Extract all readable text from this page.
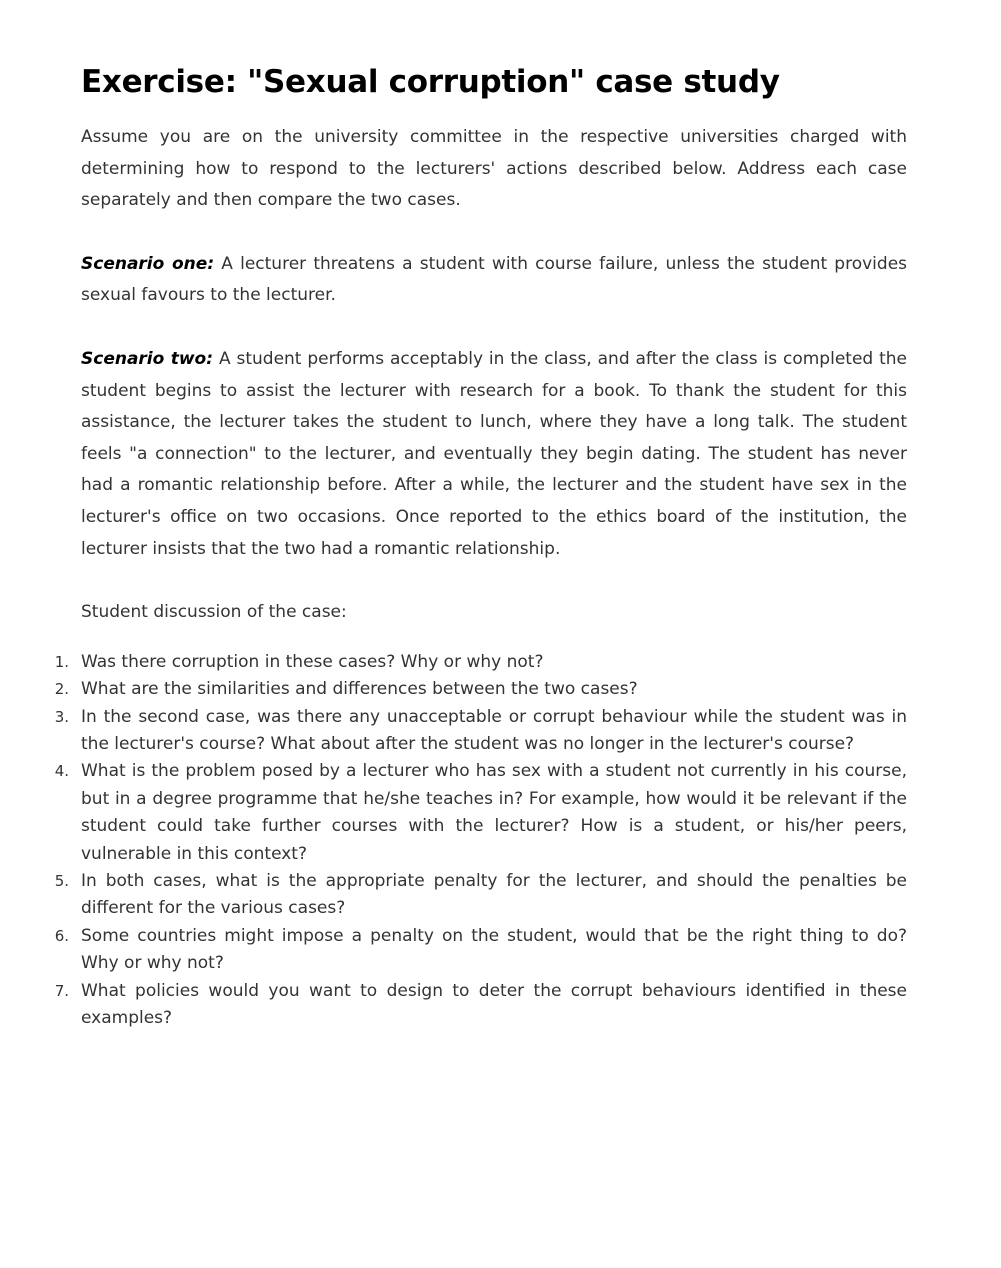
Exercise: "Sexual corruption" case study

Assume you are on the university committee in the respective universities charged with determining how to respond to the lecturers' actions described below. Address each case separately and then compare the two cases.

Scenario one: A lecturer threatens a student with course failure, unless the student provides sexual favours to the lecturer.

Scenario two: A student performs acceptably in the class, and after the class is completed the student begins to assist the lecturer with research for a book. To thank the student for this assistance, the lecturer takes the student to lunch, where they have a long talk. The student feels "a connection" to the lecturer, and eventually they begin dating. The student has never had a romantic relationship before. After a while, the lecturer and the student have sex in the lecturer's office on two occasions. Once reported to the ethics board of the institution, the lecturer insists that the two had a romantic relationship.

Student discussion of the case:

1. Was there corruption in these cases? Why or why not?
2. What are the similarities and differences between the two cases?
3. In the second case, was there any unacceptable or corrupt behaviour while the student was in the lecturer's course? What about after the student was no longer in the lecturer's course?
4. What is the problem posed by a lecturer who has sex with a student not currently in his course, but in a degree programme that he/she teaches in? For example, how would it be relevant if the student could take further courses with the lecturer? How is a student, or his/her peers, vulnerable in this context?
5. In both cases, what is the appropriate penalty for the lecturer, and should the penalties be different for the various cases?
6. Some countries might impose a penalty on the student, would that be the right thing to do? Why or why not?
7. What policies would you want to design to deter the corrupt behaviours identified in these examples?
